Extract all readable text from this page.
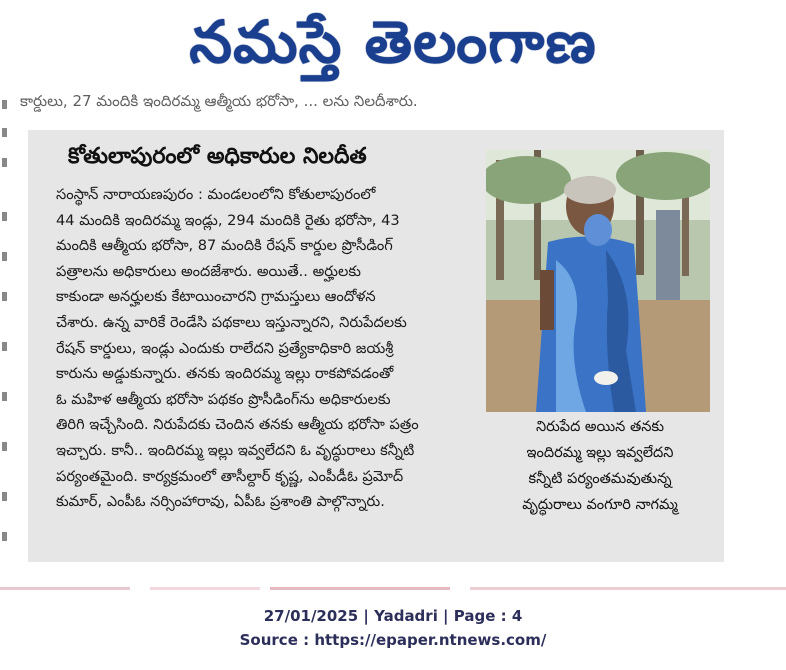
నమస్తే తెలంగాణ
కార్డులు, 27 మందికి ఇందిరమ్మ ఆత్మీయ భరోసా, ... లను నిలదీశారు.
కోతులాపురంలో అధికారుల నిలదీత
సంస్థాన్ నారాయణపురం : మండలంలోని కోతులాపురంలో
44 మందికి ఇందిరమ్మ ఇండ్లు, 294 మందికి రైతు భరోసా, 43
మందికి ఆత్మీయ భరోసా, 87 మందికి రేషన్ కార్డుల ప్రొసీడింగ్
పత్రాలను అధికారులు అందజేశారు. అయితే.. అర్హులకు
కాకుండా అనర్హులకు కేటాయించారని గ్రామస్తులు ఆందోళన
చేశారు. ఉన్న వారికే రెండేసి పథకాలు ఇస్తున్నారని, నిరుపేదలకు
రేషన్ కార్డులు, ఇండ్లు ఎందుకు రాలేదని ప్రత్యేకాధికారి జయశ్రీ
కారును అడ్డుకున్నారు. తనకు ఇందిరమ్మ ఇల్లు రాకపోవడంతో
ఓ మహిళ ఆత్మీయ భరోసా పథకం ప్రొసీడింగ్‌ను అధికారులకు
తిరిగి ఇచ్చేసింది. నిరుపేదకు చెందిన తనకు ఆత్మీయ భరోసా పత్రం
ఇచ్చారు. కానీ.. ఇందిరమ్మ ఇల్లు ఇవ్వలేదని ఓ వృద్ధురాలు కన్నీటి
పర్యంతమైంది. కార్యక్రమంలో తాసీల్దార్ కృష్ణ, ఎంపీడీఓ ప్రమోద్
కుమార్, ఎంపీఓ నర్సింహారావు, ఏపీఓ ప్రశాంతి పాల్గొన్నారు.
నిరుపేద అయిన తనకు
ఇందిరమ్మ ఇల్లు ఇవ్వలేదని
కన్నీటి పర్యంతమవుతున్న
వృద్ధురాలు వంగూరి నాగమ్మ
27/01/2025 | Yadadri | Page : 4
Source : https://epaper.ntnews.com/
